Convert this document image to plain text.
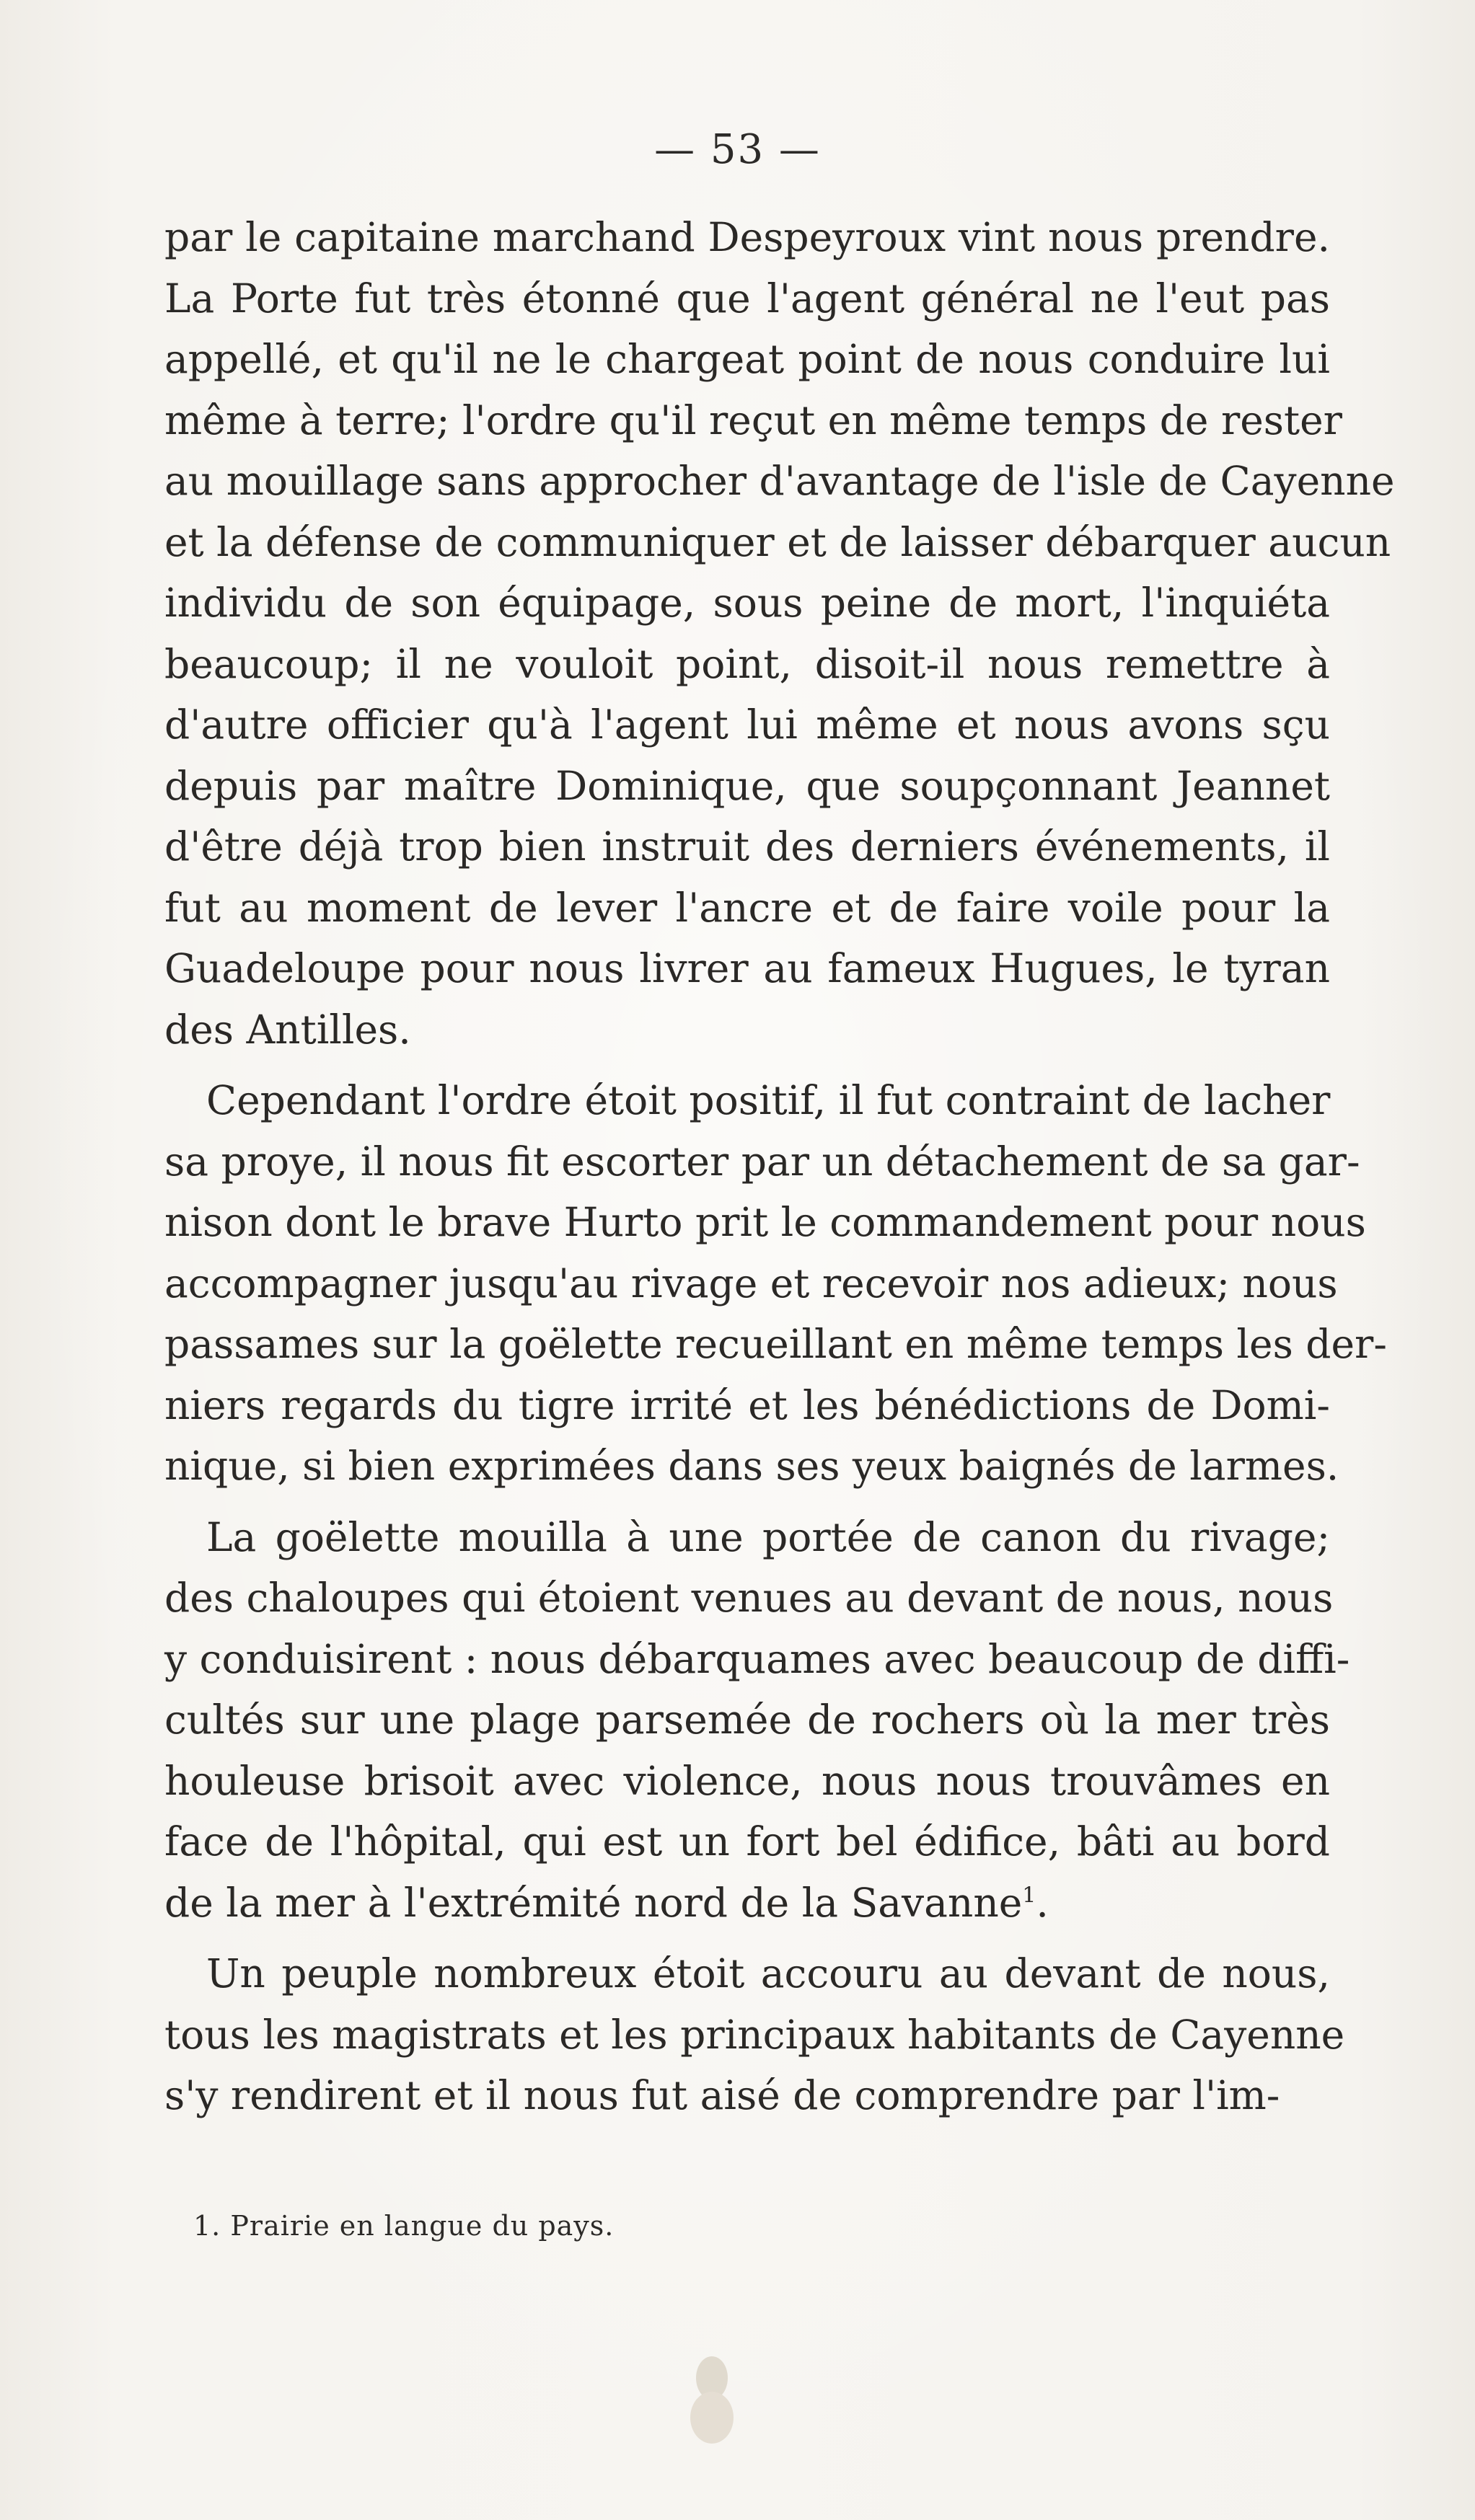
— 53 —
par le capitaine marchand Despeyroux vint nous prendre.
La Porte fut très étonné que l'agent général ne l'eut pas
appellé, et qu'il ne le chargeat point de nous conduire lui
même à terre; l'ordre qu'il reçut en même temps de rester
au mouillage sans approcher d'avantage de l'isle de Cayenne
et la défense de communiquer et de laisser débarquer aucun
individu de son équipage, sous peine de mort, l'inquiéta
beaucoup; il ne vouloit point, disoit-il nous remettre à
d'autre officier qu'à l'agent lui même et nous avons sçu
depuis par maître Dominique, que soupçonnant Jeannet
d'être déjà trop bien instruit des derniers événements, il
fut au moment de lever l'ancre et de faire voile pour la
Guadeloupe pour nous livrer au fameux Hugues, le tyran
des Antilles.
Cependant l'ordre étoit positif, il fut contraint de lacher
sa proye, il nous fit escorter par un détachement de sa gar-
nison dont le brave Hurto prit le commandement pour nous
accompagner jusqu'au rivage et recevoir nos adieux; nous
passames sur la goëlette recueillant en même temps les der-
niers regards du tigre irrité et les bénédictions de Domi-
nique, si bien exprimées dans ses yeux baignés de larmes.
La goëlette mouilla à une portée de canon du rivage;
des chaloupes qui étoient venues au devant de nous, nous
y conduisirent : nous débarquames avec beaucoup de diffi-
cultés sur une plage parsemée de rochers où la mer très
houleuse brisoit avec violence, nous nous trouvâmes en
face de l'hôpital, qui est un fort bel édifice, bâti au bord
de la mer à l'extrémité nord de la Savanne$^1$.
Un peuple nombreux étoit accouru au devant de nous,
tous les magistrats et les principaux habitants de Cayenne
s'y rendirent et il nous fut aisé de comprendre par l'im-
1. Prairie en langue du pays.
